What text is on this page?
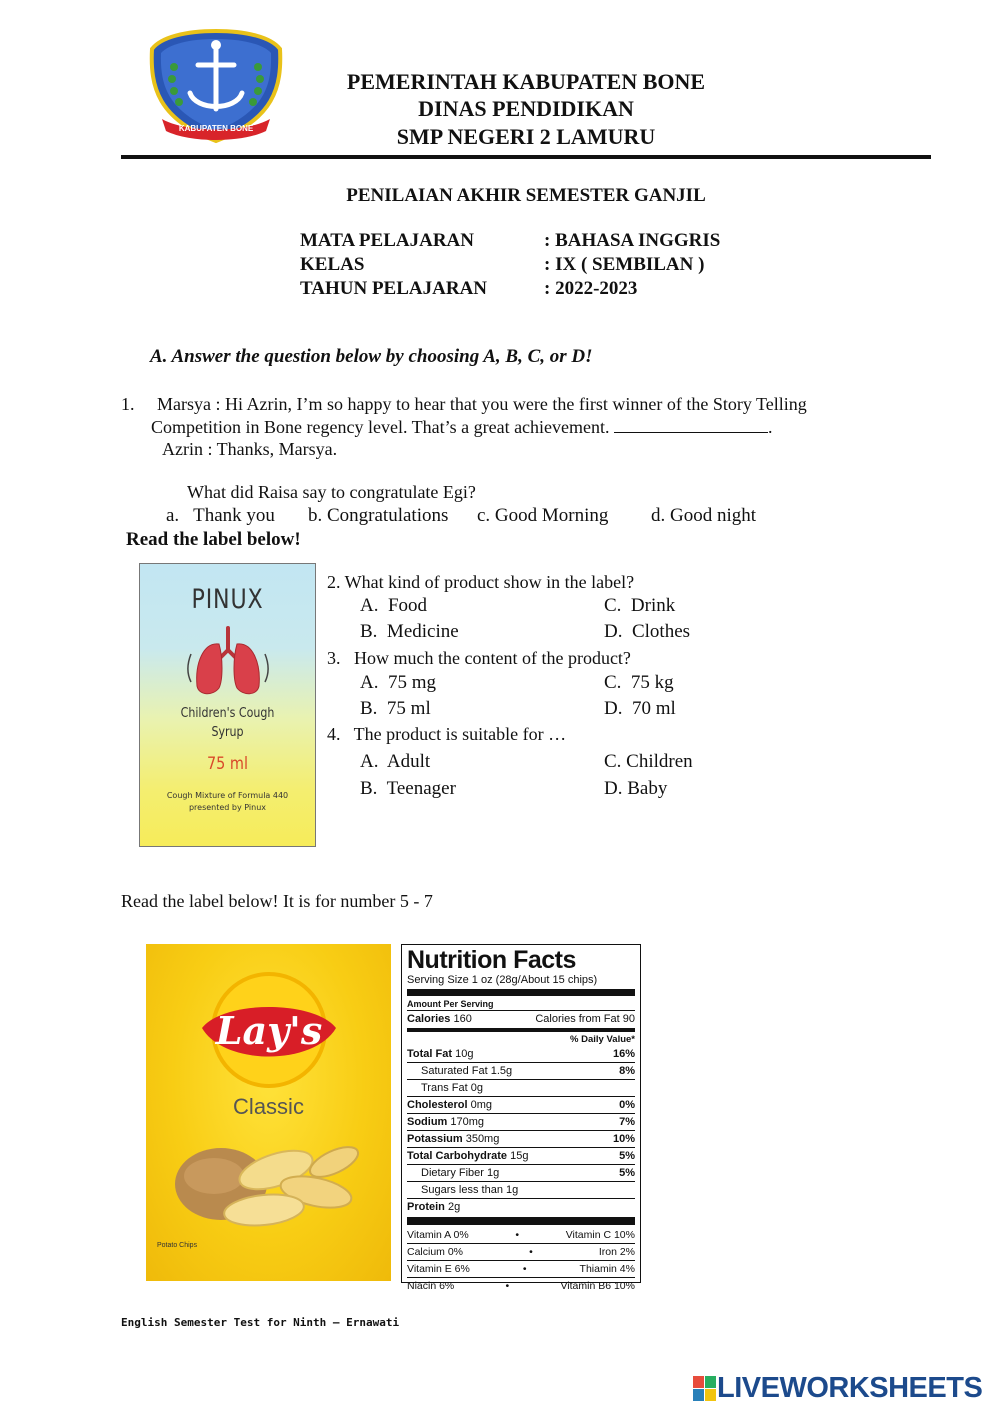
KABUPATEN BONE
PEMERINTAH KABUPATEN BONE
DINAS PENDIDIKAN
SMP NEGERI 2 LAMURU
PENILAIAN AKHIR SEMESTER GANJIL
MATA PELAJARAN	: BAHASA INGGRIS
KELAS	: IX ( SEMBILAN )
TAHUN PELAJARAN	: 2022-2023
A. Answer the question below by choosing A, B, C, or D!
1.     Marsya : Hi Azrin, I’m so happy to hear that you were the first winner of the Story Telling
Competition in Bone regency level. That’s a great achievement.	.
Azrin : Thanks, Marsya.
What did Raisa say to congratulate Egi?
a.   Thank you b. Congratulations c. Good Morning d. Good night
Read the label below!
PINUX
Children's Cough
Syrup
75 ml
Cough Mixture of Formula 440
presented by Pinux
2. What kind of product show in the label?
A.  Food	C.  Drink
B.  Medicine	D.  Clothes
3.   How much the content of the product?
A.  75 mg	C.  75 kg
B.  75 ml	D.  70 ml
4.   The product is suitable for …
A.  Adult	C. Children
B.  Teenager	D. Baby
Read the label below! It is for number 5 - 7
Lay's
Classic
Potato Chips
Nutrition Facts
Serving Size 1 oz (28g/About 15 chips)
Amount Per Serving
Calories 160	Calories from Fat 90
% Daily Value*
Total Fat 10g	16%
Saturated Fat 1.5g	8%
Trans Fat 0g
Cholesterol 0mg	0%
Sodium 170mg	7%
Potassium 350mg	10%
Total Carbohydrate 15g	5%
Dietary Fiber 1g	5%
Sugars less than 1g
Protein 2g
Vitamin A 0%	•	Vitamin C 10%
Calcium 0%	•	Iron 2%
Vitamin E 6%	•	Thiamin 4%
Niacin 6%	•	Vitamin B6 10%
English Semester Test for Ninth – Ernawati
LIVEWORKSHEETS
